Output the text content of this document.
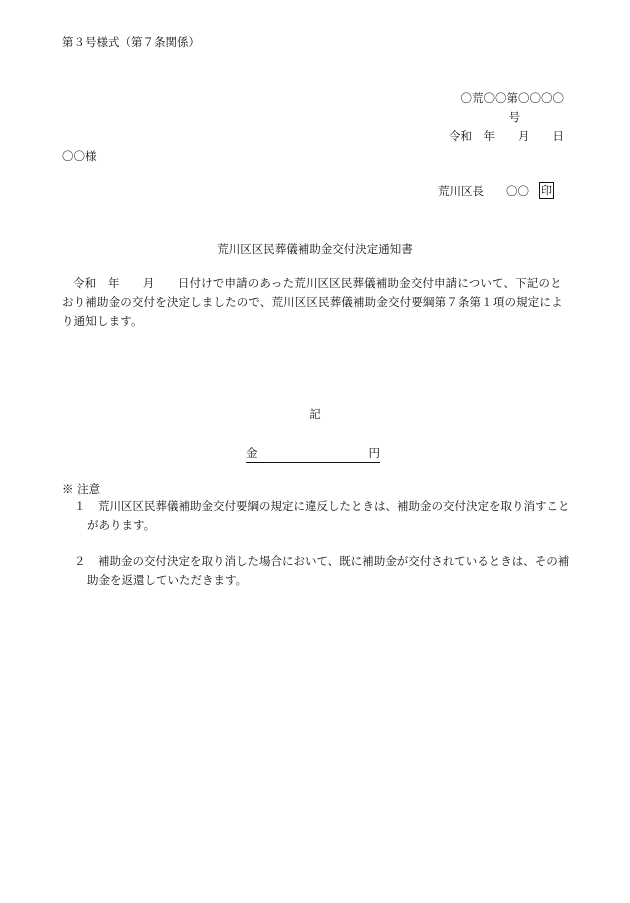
第３号様式（第７条関係）
〇荒〇〇第〇〇〇〇
号
令和　年　　月　　日
〇〇様
荒川区長 〇〇 印
荒川区区民葬儀補助金交付決定通知書
令和　年　　月　　日付けで申請のあった荒川区区民葬儀補助金交付申請について、下記のとおり補助金の交付を決定しましたので、荒川区区民葬儀補助金交付要綱第７条第１項の規定により通知します。
記
金	円
※ 注意
１ 荒川区区民葬儀補助金交付要綱の規定に違反したときは、補助金の交付決定を取り消すことがあります。
２ 補助金の交付決定を取り消した場合において、既に補助金が交付されているときは、その補助金を返還していただきます。
